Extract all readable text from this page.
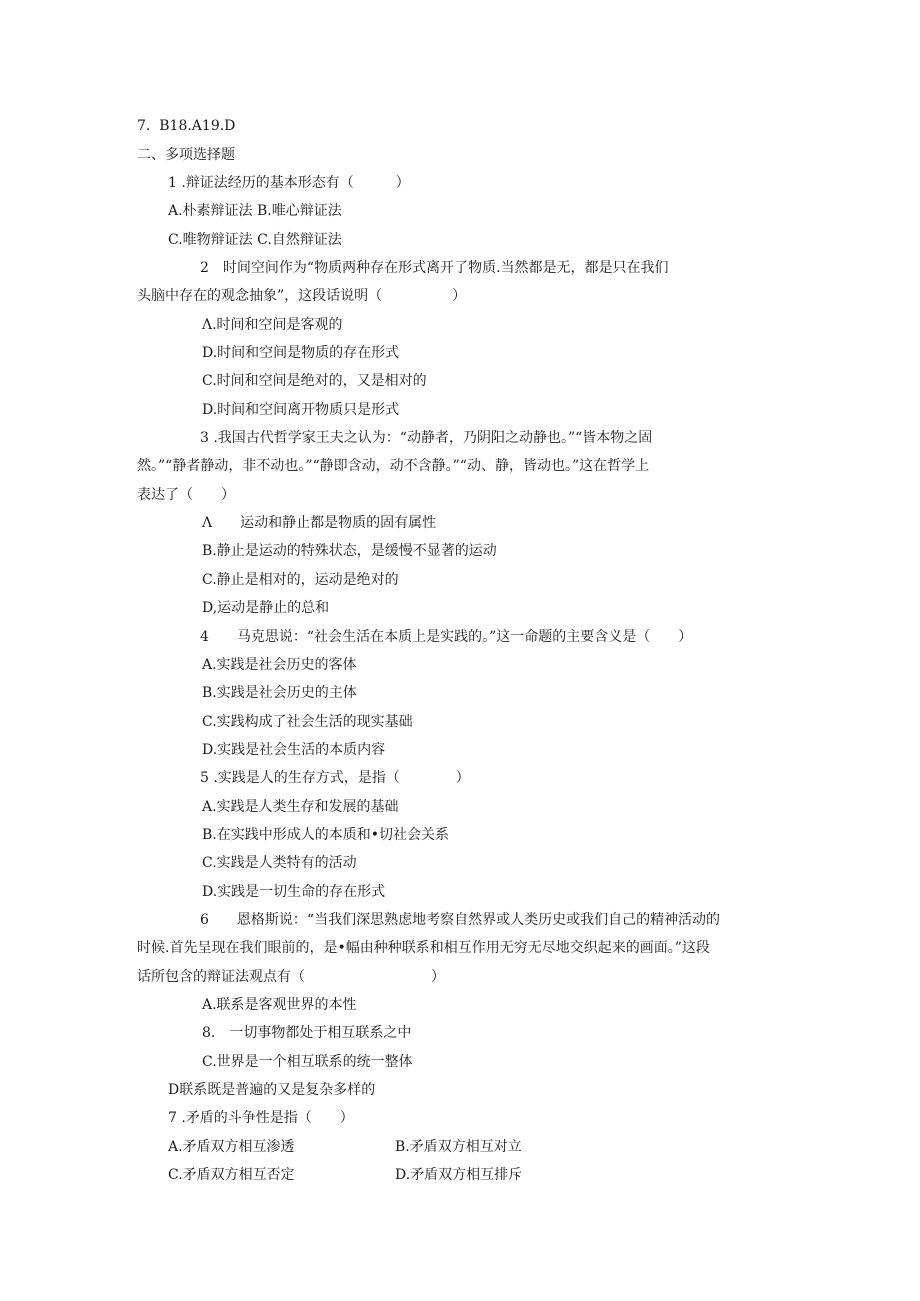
7.  B18.A19.D
二、多项选择题
1 .辩证法经历的基本形态有（　　　）
A.朴素辩证法 B.唯心辩证法
C.唯物辩证法 C.自然辩证法
2　时间空间作为“物质两种存在形式离开了物质.当然都是无，都是只在我们
头脑中存在的观念抽象”，这段话说明（　　　　　）
Λ.时间和空间是客观的
D.时间和空间是物质的存在形式
C.时间和空间是绝对的，又是相对的
D.时间和空间离开物质只是形式
3 .我国古代哲学家王夫之认为：“动静者，乃阴阳之动静也。”“皆本物之固
然。”“静者静动，非不动也。”“静即含动，动不含静。”“动、静，皆动也。”这在哲学上
表达了（　　）
Λ　　运动和静止都是物质的固有属性
B.静止是运动的特殊状态，是缓慢不显著的运动
C.静止是相对的，运动是绝对的
D,运动是静止的总和
4　　马克思说：“社会生活在本质上是实践的。”这一命题的主要含义是（　　）
A.实践是社会历史的客体
B.实践是社会历史的主体
C.实践构成了社会生活的现实基础
D.实践是社会生活的本质内容
5 .实践是人的生存方式，是指（　　　　）
A.实践是人类生存和发展的基础
B.在实践中形成人的本质和•切社会关系
C.实践是人类特有的活动
D.实践是一切生命的存在形式
6　　恩格斯说：“当我们深思熟虑地考察自然界或人类历史或我们自己的精神活动的
时候.首先呈现在我们眼前的，是•幅由种种联系和相互作用无穷无尽地交织起来的画面。”这段
话所包含的辩证法观点有（　　　　　　　　　）
A.联系是客观世界的本性
8.　一切事物都处于相互联系之中
C.世界是一个相互联系的统一整体
D联系既是普遍的又是复杂多样的
7 .矛盾的斗争性是指（　　）
A.矛盾双方相互渗透	B.矛盾双方相互对立
C.矛盾双方相互否定	D.矛盾双方相互排斥
